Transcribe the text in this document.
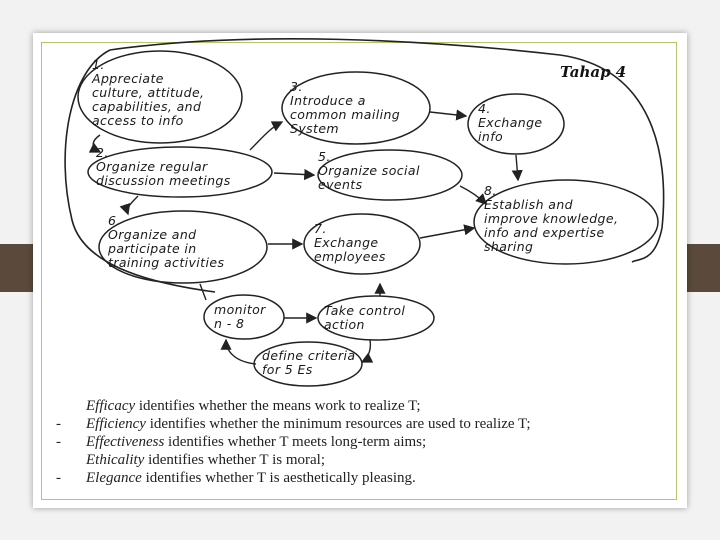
Tahap 4
1.
Appreciate
culture, attitude,
capabilities, and
access to info
2.
Organize regular
discussion meetings
3.
Introduce a
common mailing
System
4.
Exchange
info
5.
Organize social
events
6.
Organize and
participate in
training activities
7.
Exchange
employees
8.
Establish and
improve knowledge,
info and expertise
sharing
monitor
n - 8
Take control
action
define criteria
for 5 Es
Efficacy identifies whether the means work to realize T;
- Efficiency identifies whether the minimum resources are used to realize T;
- Effectiveness identifies whether T meets long-term aims;
Ethicality identifies whether T is moral;
- Elegance identifies whether T is aesthetically pleasing.
